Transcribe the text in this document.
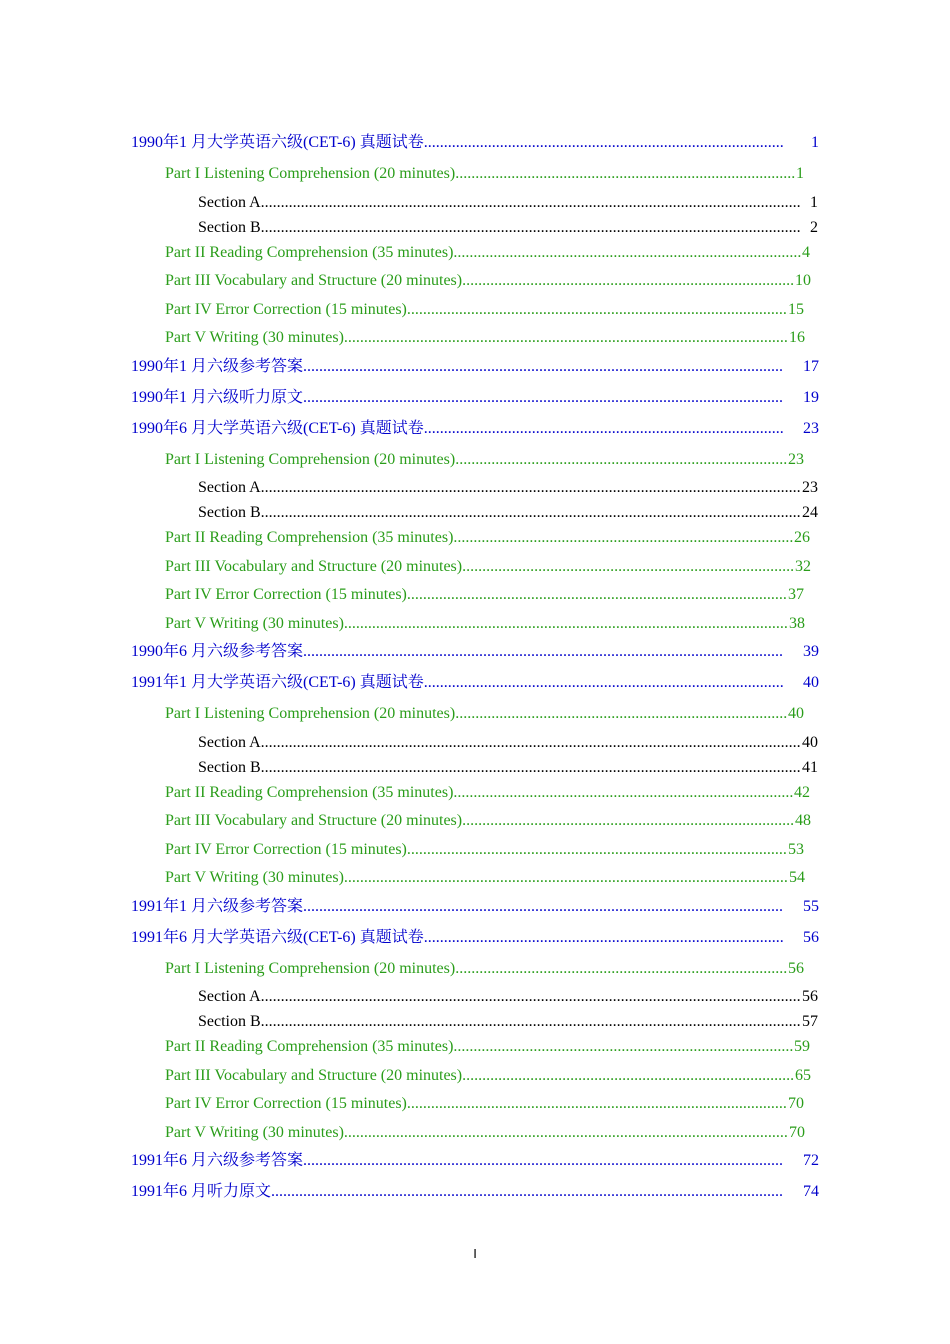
1990年1 月大学英语六级(CET-6) 真题试卷 .....	1
Part I Listening Comprehension (20 minutes) .....	1
Section A .....	1
Section B .....	2
Part II Reading Comprehension (35 minutes) .....	4
Part III Vocabulary and Structure (20 minutes) .....	10
Part IV Error Correction (15 minutes) .....	15
Part V Writing (30 minutes) .....	16
1990年1 月六级参考答案 .....	17
1990年1 月六级听力原文 .....	19
1990年6 月大学英语六级(CET-6) 真题试卷 .....	23
Part I Listening Comprehension (20 minutes) .....	23
Section A .....	23
Section B .....	24
Part II Reading Comprehension (35 minutes) .....	26
Part III Vocabulary and Structure (20 minutes) .....	32
Part IV Error Correction (15 minutes) .....	37
Part V Writing (30 minutes) .....	38
1990年6 月六级参考答案 .....	39
1991年1 月大学英语六级(CET-6) 真题试卷 .....	40
Part I Listening Comprehension (20 minutes) .....	40
Section A .....	40
Section B .....	41
Part II Reading Comprehension (35 minutes) .....	42
Part III Vocabulary and Structure (20 minutes) .....	48
Part IV Error Correction (15 minutes) .....	53
Part V Writing (30 minutes) .....	54
1991年1 月六级参考答案 .....	55
1991年6 月大学英语六级(CET-6) 真题试卷 .....	56
Part I Listening Comprehension (20 minutes) .....	56
Section A .....	56
Section B .....	57
Part II Reading Comprehension (35 minutes) .....	59
Part III Vocabulary and Structure (20 minutes) .....	65
Part IV Error Correction (15 minutes) .....	70
Part V Writing (30 minutes) .....	70
1991年6 月六级参考答案 .....	72
1991年6 月听力原文 .....	74
I
